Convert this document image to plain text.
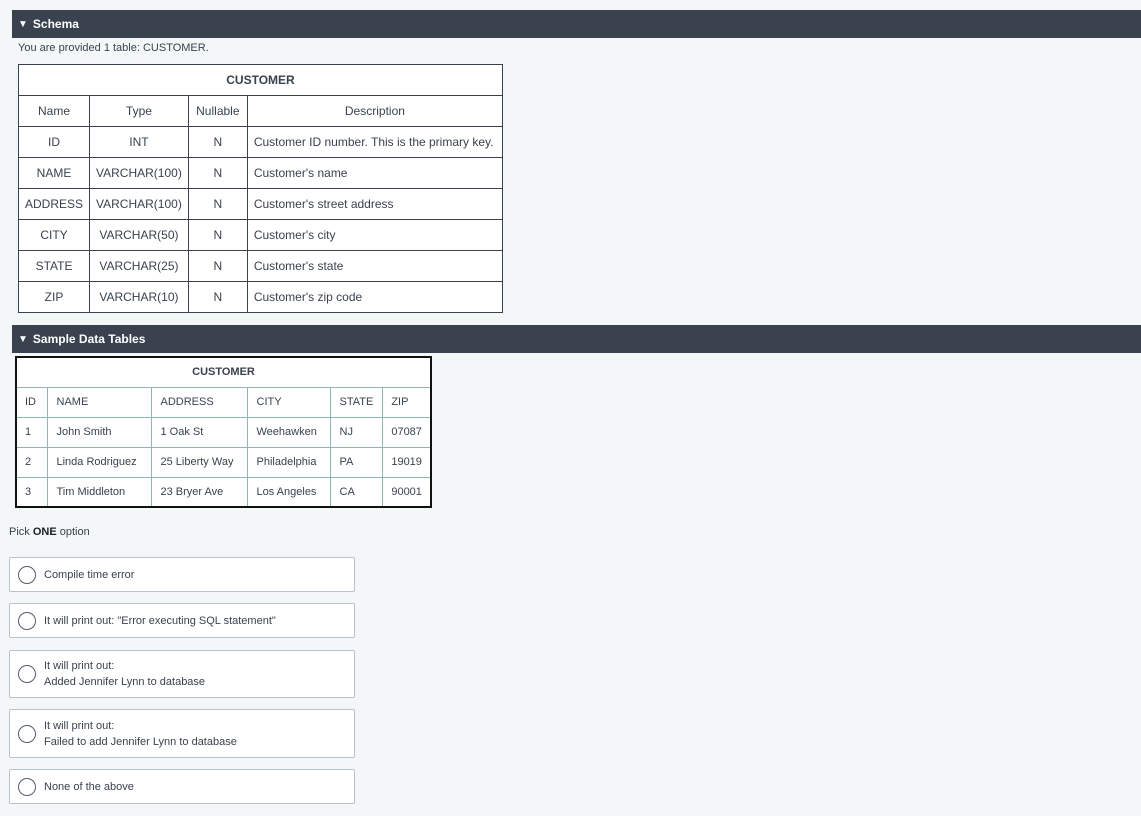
▼ Schema
You are provided 1 table: CUSTOMER.
CUSTOMER			
Name	Type	Nullable	Description
ID	INT	N	Customer ID number. This is the primary key.
NAME	VARCHAR(100)	N	Customer's name
ADDRESS	VARCHAR(100)	N	Customer's street address
CITY	VARCHAR(50)	N	Customer's city
STATE	VARCHAR(25)	N	Customer's state
ZIP	VARCHAR(10)	N	Customer's zip code
▼ Sample Data Tables
CUSTOMER					
ID	NAME	ADDRESS	CITY	STATE	ZIP
1	John Smith	1 Oak St	Weehawken	NJ	07087
2	Linda Rodriguez	25 Liberty Way	Philadelphia	PA	19019
3	Tim Middleton	23 Bryer Ave	Los Angeles	CA	90001
Pick ONE option
Compile time error
It will print out: "Error executing SQL statement"
It will print out:
Added Jennifer Lynn to database
It will print out:
Failed to add Jennifer Lynn to database
None of the above
